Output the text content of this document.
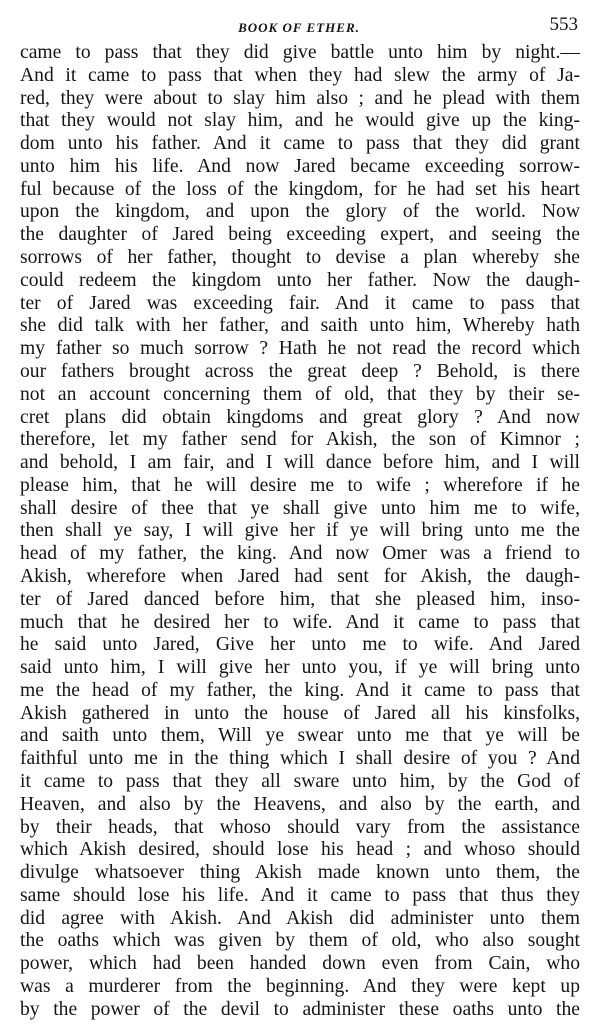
BOOK OF ETHER.	553
came to pass that they did give battle unto him by night.—
And it came to pass that when they had slew the army of Ja-
red, they were about to slay him also ; and he plead with them
that they would not slay him, and he would give up the king-
dom unto his father. And it came to pass that they did grant
unto him his life. And now Jared became exceeding sorrow-
ful because of the loss of the kingdom, for he had set his heart
upon the kingdom, and upon the glory of the world. Now
the daughter of Jared being exceeding expert, and seeing the
sorrows of her father, thought to devise a plan whereby she
could redeem the kingdom unto her father. Now the daugh-
ter of Jared was exceeding fair. And it came to pass that
she did talk with her father, and saith unto him, Whereby hath
my father so much sorrow ? Hath he not read the record which
our fathers brought across the great deep ? Behold, is there
not an account concerning them of old, that they by their se-
cret plans did obtain kingdoms and great glory ? And now
therefore, let my father send for Akish, the son of Kimnor ;
and behold, I am fair, and I will dance before him, and I will
please him, that he will desire me to wife ; wherefore if he
shall desire of thee that ye shall give unto him me to wife,
then shall ye say, I will give her if ye will bring unto me the
head of my father, the king. And now Omer was a friend to
Akish, wherefore when Jared had sent for Akish, the daugh-
ter of Jared danced before him, that she pleased him, inso-
much that he desired her to wife. And it came to pass that
he said unto Jared, Give her unto me to wife. And Jared
said unto him, I will give her unto you, if ye will bring unto
me the head of my father, the king. And it came to pass that
Akish gathered in unto the house of Jared all his kinsfolks,
and saith unto them, Will ye swear unto me that ye will be
faithful unto me in the thing which I shall desire of you ? And
it came to pass that they all sware unto him, by the God of
Heaven, and also by the Heavens, and also by the earth, and
by their heads, that whoso should vary from the assistance
which Akish desired, should lose his head ; and whoso should
divulge whatsoever thing Akish made known unto them, the
same should lose his life. And it came to pass that thus they
did agree with Akish. And Akish did administer unto them
the oaths which was given by them of old, who also sought
power, which had been handed down even from Cain, who
was a murderer from the beginning. And they were kept up
by the power of the devil to administer these oaths unto the
